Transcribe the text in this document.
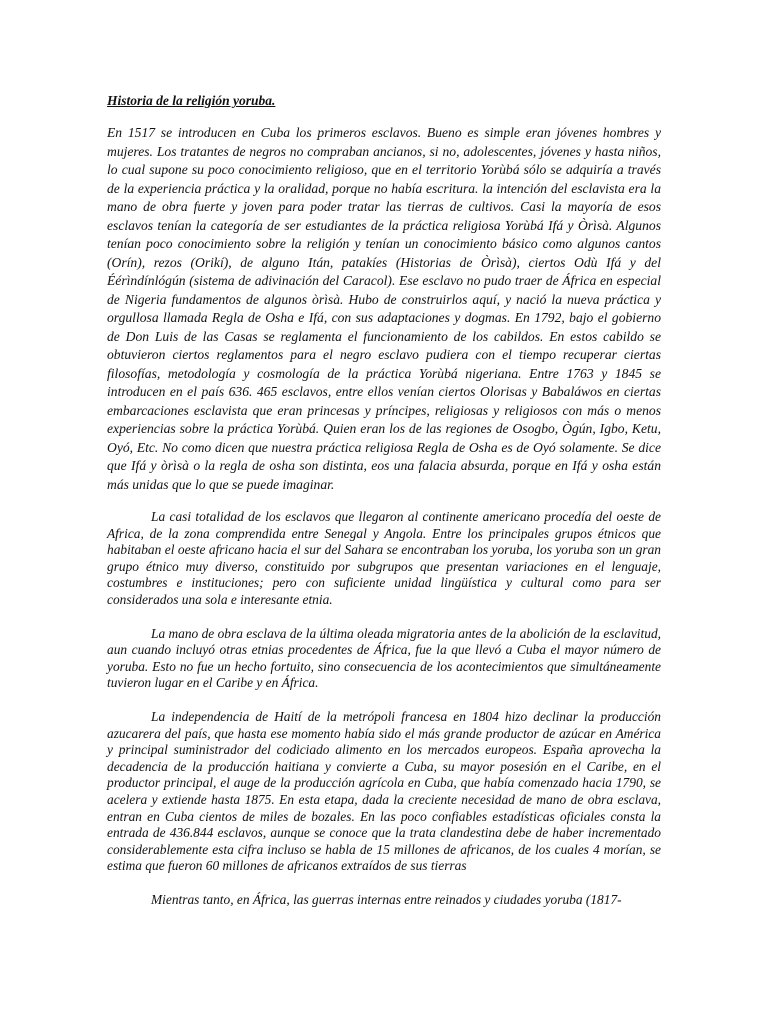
Historia de la religión yoruba.

En 1517 se introducen en Cuba los primeros esclavos. Bueno es simple eran jóvenes hombres y mujeres. Los tratantes de negros no compraban ancianos, si no, adolescentes, jóvenes y hasta niños, lo cual supone su poco conocimiento religioso, que en el territorio Yorùbá sólo se adquiría a través de la experiencia práctica y la oralidad, porque no había escritura. la intención del esclavista era la mano de obra fuerte y joven para poder tratar las tierras de cultivos. Casi la mayoría de esos esclavos tenían la categoría de ser estudiantes de la práctica religiosa Yorùbá Ifá y Òrìsà. Algunos tenían poco conocimiento sobre la religión y tenían un conocimiento básico como algunos cantos (Orín), rezos (Orikí), de alguno Itán, patakíes (Historias de Òrìsà), ciertos Odù Ifá y del Éérìndínlógún (sistema de adivinación del Caracol). Ese esclavo no pudo traer de África en especial de Nigeria fundamentos de algunos òrìsà. Hubo de construirlos aquí, y nació la nueva práctica y orgullosa llamada Regla de Osha e Ifá, con sus adaptaciones y dogmas. En 1792, bajo el gobierno de Don Luis de las Casas se reglamenta el funcionamiento de los cabildos. En estos cabildo se obtuvieron ciertos reglamentos para el negro esclavo pudiera con el tiempo recuperar ciertas filosofías, metodología y cosmología de la práctica Yorùbá nigeriana. Entre 1763 y 1845 se introducen en el país 636. 465 esclavos, entre ellos venían ciertos Olorisas y Babaláwos en ciertas embarcaciones esclavista que eran princesas y príncipes, religiosas y religiosos con más o menos experiencias sobre la práctica Yorùbá. Quien eran los de las regiones de Osogbo, Ògún, Igbo, Ketu, Oyó, Etc. No como dicen que nuestra práctica religiosa Regla de Osha es de Oyó solamente. Se dice que Ifá y òrìsà o la regla de osha son distinta, eos una falacia absurda, porque en Ifá y osha están más unidas que lo que se puede imaginar.

La casi totalidad de los esclavos que llegaron al continente americano procedía del oeste de Africa, de la zona comprendida entre Senegal y Angola. Entre los principales grupos étnicos que habitaban el oeste africano hacia el sur del Sahara se encontraban los yoruba, los yoruba son un gran grupo étnico muy diverso, constituido por subgrupos que presentan variaciones en el lenguaje, costumbres e instituciones; pero con suficiente unidad lingüística y cultural como para ser considerados una sola e interesante etnia.

La mano de obra esclava de la última oleada migratoria antes de la abolición de la esclavitud, aun cuando incluyó otras etnias procedentes de África, fue la que llevó a Cuba el mayor número de yoruba. Esto no fue un hecho fortuito, sino consecuencia de los acontecimientos que simultáneamente tuvieron lugar en el Caribe y en África.

La independencia de Haití de la metrópoli francesa en 1804 hizo declinar la producción azucarera del país, que hasta ese momento había sido el más grande productor de azúcar en América y principal suministrador del codiciado alimento en los mercados europeos. España aprovecha la decadencia de la producción haitiana y convierte a Cuba, su mayor posesión en el Caribe, en el productor principal, el auge de la producción agrícola en Cuba, que había comenzado hacia 1790, se acelera y extiende hasta 1875. En esta etapa, dada la creciente necesidad de mano de obra esclava, entran en Cuba cientos de miles de bozales. En las poco confiables estadísticas oficiales consta la entrada de 436.844 esclavos, aunque se conoce que la trata clandestina debe de haber incrementado considerablemente esta cifra incluso se habla de 15 millones de africanos, de los cuales 4 morían, se estima que fueron 60 millones de africanos extraídos de sus tierras

Mientras tanto, en África, las guerras internas entre reinados y ciudades yoruba (1817-
